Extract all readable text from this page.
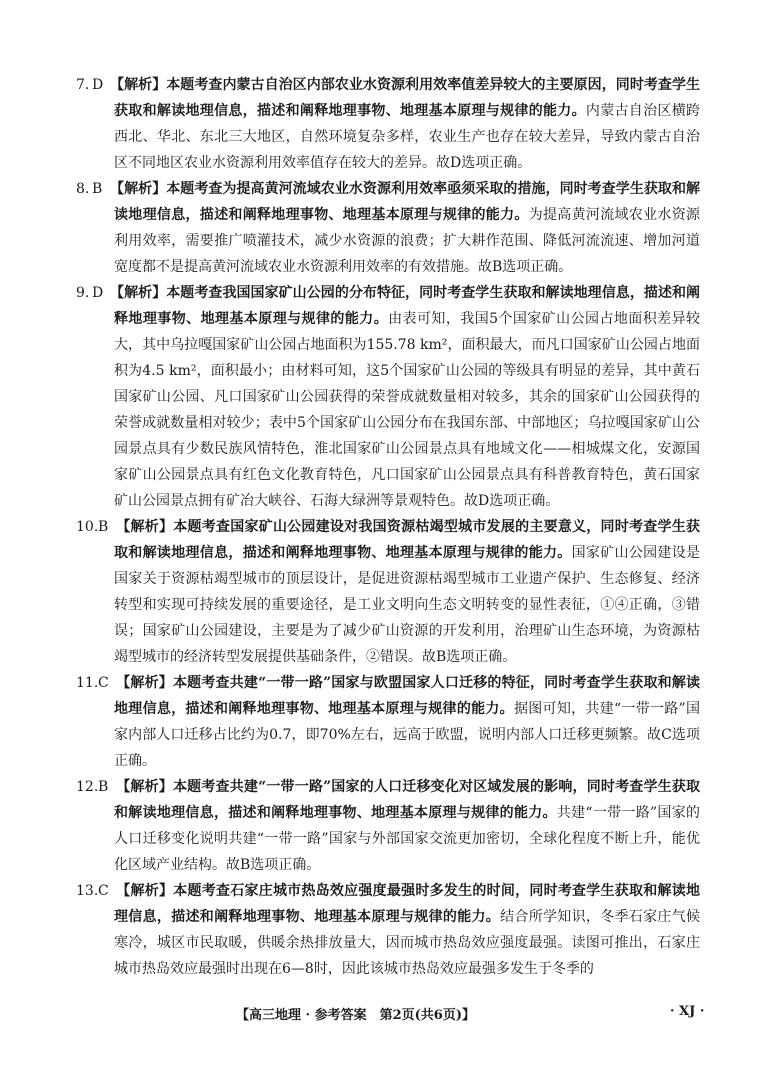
7. D 【解析】本题考查内蒙古自治区内部农业水资源利用效率值差异较大的主要原因，同时考查学生获取和解读地理信息，描述和阐释地理事物、地理基本原理与规律的能力。内蒙古自治区横跨西北、华北、东北三大地区，自然环境复杂多样，农业生产也存在较大差异，导致内蒙古自治区不同地区农业水资源利用效率值存在较大的差异。故D选项正确。

8. B 【解析】本题考查为提高黄河流域农业水资源利用效率亟须采取的措施，同时考查学生获取和解读地理信息，描述和阐释地理事物、地理基本原理与规律的能力。为提高黄河流域农业水资源利用效率，需要推广喷灌技术，减少水资源的浪费；扩大耕作范围、降低河流流速、增加河道宽度都不是提高黄河流域农业水资源利用效率的有效措施。故B选项正确。

9. D 【解析】本题考查我国国家矿山公园的分布特征，同时考查学生获取和解读地理信息，描述和阐释地理事物、地理基本原理与规律的能力。由表可知，我国5个国家矿山公园占地面积差异较大，其中乌拉嘎国家矿山公园占地面积为155.78 km²，面积最大，而凡口国家矿山公园占地面积为4.5 km²，面积最小；由材料可知，这5个国家矿山公园的等级具有明显的差异，其中黄石国家矿山公园、凡口国家矿山公园获得的荣誉成就数量相对较多，其余的国家矿山公园获得的荣誉成就数量相对较少；表中5个国家矿山公园分布在我国东部、中部地区；乌拉嘎国家矿山公园景点具有少数民族风情特色，淮北国家矿山公园景点具有地域文化——相城煤文化，安源国家矿山公园景点具有红色文化教育特色，凡口国家矿山公园景点具有科普教育特色，黄石国家矿山公园景点拥有矿冶大峡谷、石海大绿洲等景观特色。故D选项正确。

10.B 【解析】本题考查国家矿山公园建设对我国资源枯竭型城市发展的主要意义，同时考查学生获取和解读地理信息，描述和阐释地理事物、地理基本原理与规律的能力。国家矿山公园建设是国家关于资源枯竭型城市的顶层设计，是促进资源枯竭型城市工业遗产保护、生态修复、经济转型和实现可持续发展的重要途径，是工业文明向生态文明转变的显性表征，①④正确，③错误；国家矿山公园建设，主要是为了减少矿山资源的开发利用，治理矿山生态环境，为资源枯竭型城市的经济转型发展提供基础条件，②错误。故B选项正确。

11.C 【解析】本题考查共建“一带一路”国家与欧盟国家人口迁移的特征，同时考查学生获取和解读地理信息，描述和阐释地理事物、地理基本原理与规律的能力。据图可知，共建“一带一路”国家内部人口迁移占比约为0.7，即70%左右，远高于欧盟，说明内部人口迁移更频繁。故C选项正确。

12.B 【解析】本题考查共建“一带一路”国家的人口迁移变化对区域发展的影响，同时考查学生获取和解读地理信息，描述和阐释地理事物、地理基本原理与规律的能力。共建“一带一路”国家的人口迁移变化说明共建“一带一路”国家与外部国家交流更加密切，全球化程度不断上升，能优化区域产业结构。故B选项正确。

13.C 【解析】本题考查石家庄城市热岛效应强度最强时多发生的时间，同时考查学生获取和解读地理信息，描述和阐释地理事物、地理基本原理与规律的能力。结合所学知识，冬季石家庄气候寒冷，城区市民取暖，供暖余热排放量大，因而城市热岛效应强度最强。读图可推出，石家庄城市热岛效应最强时出现在6—8时，因此该城市热岛效应最强多发生于冬季的

【高三地理 · 参考答案　第2页(共6页)】	· XJ ·
